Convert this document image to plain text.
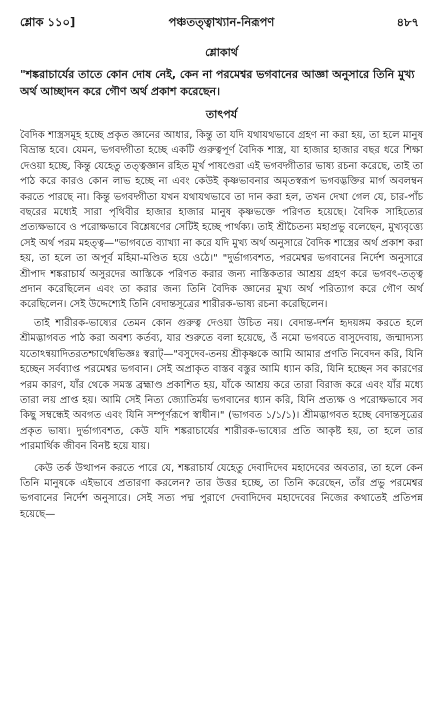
শ্লোক ১১০]	পঞ্চতত্ত্বাখ্যান-নিরূপণ	৪৮৭
শ্লোকার্থ

"শঙ্করাচার্যের তাতে কোন দোষ নেই, কেন না পরমেশ্বর ভগবানের আজ্ঞা অনুসারে তিনি মুখ্য অর্থ আচ্ছাদন করে গৌণ অর্থ প্রকাশ করেছেন।

তাৎপর্য

বৈদিক শাস্ত্রসমূহ হচ্ছে প্রকৃত জ্ঞানের আধার, কিন্তু তা যদি যথাযথভাবে গ্রহণ না করা হয়, তা হলে মানুষ বিভ্রান্ত হবে। যেমন, ভগবদ্গীতা হচ্ছে একটি গুরুত্বপূর্ণ বৈদিক শাস্ত্র, যা হাজার হাজার বছর ধরে শিক্ষা দেওয়া হচ্ছে, কিন্তু যেহেতু তত্ত্বজ্ঞান রহিত মূর্খ পাষণ্ডেরা এই ভগবদ্গীতার ভাষ্য রচনা করেছে, তাই তা পাঠ করে কারও কোন লাভ হচ্ছে না এবং কেউই কৃষ্ণভাবনার অমৃতস্বরূপ ভগবদ্ভক্তির মার্গ অবলম্বন করতে পারছে না। কিন্তু ভগবদ্গীতা যখন যথাযথভাবে তা দান করা হল, তখন দেখা গেল যে, চার-পাঁচ বছরের মধ্যেই সারা পৃথিবীর হাজার হাজার মানুষ কৃষ্ণভক্তে পরিণত হয়েছে। বৈদিক সাহিত্যের প্রত্যক্ষভাবে ও পরোক্ষভাবে বিশ্লেষণের সেটিই হচ্ছে পার্থক্য। তাই শ্রীচৈতন্য মহাপ্রভু বলেছেন, মুখ্যবৃত্ত্যে সেই অর্থ পরম মহত্ত্ব—"ভাগবতে ব্যাখ্যা না করে যদি মুখ্য অর্থ অনুসারে বৈদিক শাস্ত্রের অর্থ প্রকাশ করা হয়, তা হলে তা অপূর্ব মহিমা-মণ্ডিত হয়ে ওঠে।" "দুর্ভাগ্যবশত, পরমেশ্বর ভগবানের নির্দেশ অনুসারে শ্রীপাদ শঙ্করাচার্য অসুরদের আস্তিকে পরিণত করার জন্য নাস্তিকতার আশ্রয় গ্রহণ করে ভগবৎ-তত্ত্ব প্রদান করেছিলেন এবং তা করার জন্য তিনি বৈদিক জ্ঞানের মুখ্য অর্থ পরিত্যাগ করে গৌণ অর্থ করেছিলেন। সেই উদ্দেশ্যেই তিনি বেদান্তসূত্রের শারীরক-ভাষ্য রচনা করেছিলেন।

তাই শারীরক-ভাষ্যের তেমন কোন গুরুত্ব দেওয়া উচিত নয়। বেদান্ত-দর্শন হৃদয়ঙ্গম করতে হলে শ্রীমদ্ভাগবত পাঠ করা অবশ্য কর্তব্য, যার শুরুতে বলা হয়েছে, ওঁ নমো ভগবতে বাসুদেবায়, জন্মাদ্যস্য যতোঽন্বয়াদিতরতশ্চার্থেষ্বভিজ্ঞঃ স্বরাট্—"বসুদেব-তনয় শ্রীকৃষ্ণকে আমি আমার প্রণতি নিবেদন করি, যিনি হচ্ছেন সর্বব্যাপ্ত পরমেশ্বর ভগবান। সেই অপ্রাকৃত বাস্তব বস্তুর আমি ধ্যান করি, যিনি হচ্ছেন সব কারণের পরম কারণ, যাঁর থেকে সমস্ত ব্রহ্মাণ্ড প্রকাশিত হয়, যাঁকে আশ্রয় করে তারা বিরাজ করে এবং যাঁর মধ্যে তারা লয় প্রাপ্ত হয়। আমি সেই নিত্য জ্যোতির্ময় ভগবানের ধ্যান করি, যিনি প্রত্যক্ষ ও পরোক্ষভাবে সব কিছু সম্বন্ধেই অবগত এবং যিনি সম্পূর্ণরূপে স্বাধীন।" (ভাগবত ১/১/১)। শ্রীমদ্ভাগবত হচ্ছে বেদান্তসূত্রের প্রকৃত ভাষ্য। দুর্ভাগ্যবশত, কেউ যদি শঙ্করাচার্যের শারীরক-ভাষ্যের প্রতি আকৃষ্ট হয়, তা হলে তার পারমার্থিক জীবন বিনষ্ট হয়ে যায়।

কেউ তর্ক উত্থাপন করতে পারে যে, শঙ্করাচার্য যেহেতু দেবাদিদেব মহাদেবের অবতার, তা হলে কেন তিনি মানুষকে এইভাবে প্রতারণা করলেন? তার উত্তর হচ্ছে, তা তিনি করেছেন, তাঁর প্রভু পরমেশ্বর ভগবানের নির্দেশ অনুসারে। সেই সত্য পদ্ম পুরাণে দেবাদিদেব মহাদেবের নিজের কথাতেই প্রতিপন্ন হয়েছে—
